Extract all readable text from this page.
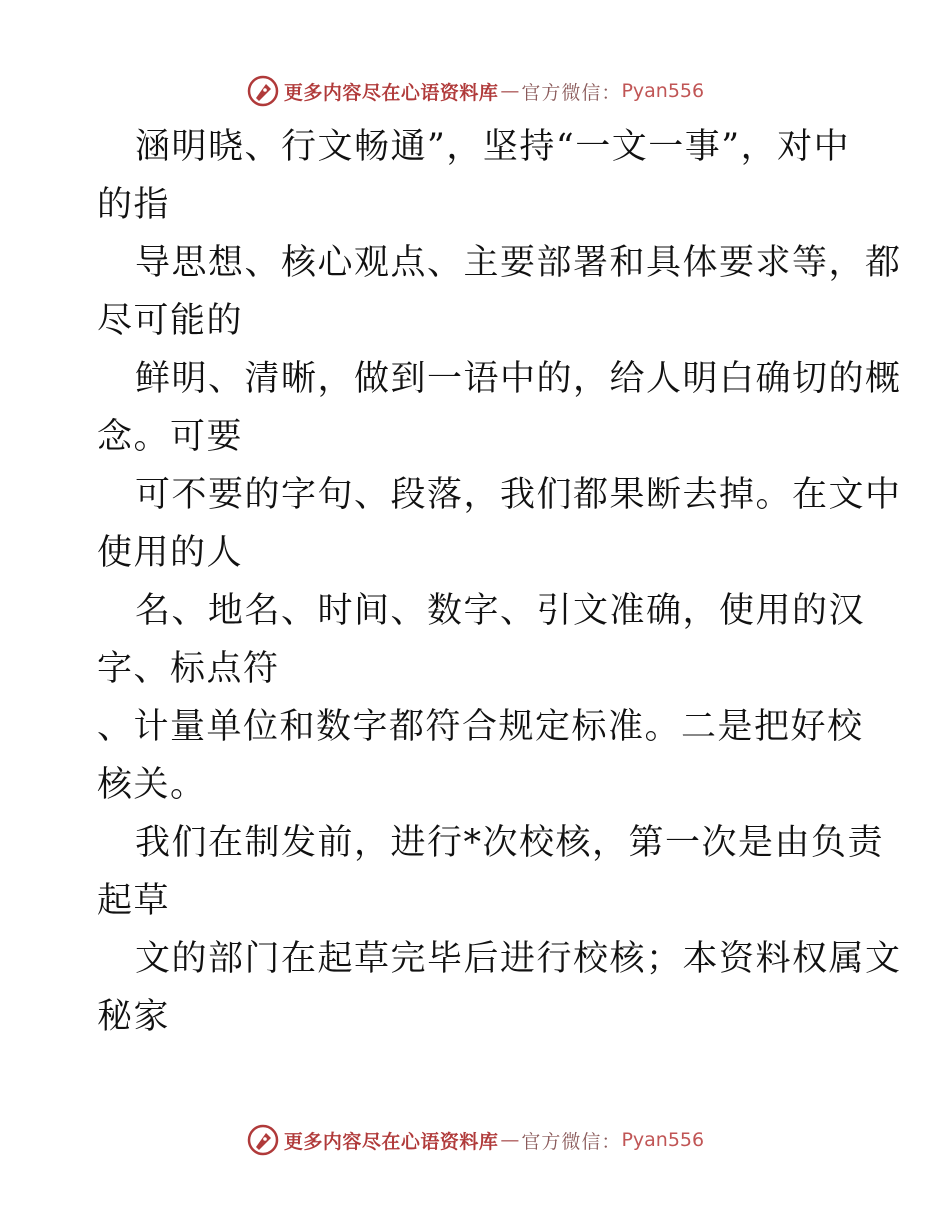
更多内容尽在心语资料库 — 官方微信： Pyan556
涵明晓、行文畅通”，坚持“一文一事”，对中
的指
导思想、核心观点、主要部署和具体要求等，都
尽可能的
鲜明、清晰，做到一语中的，给人明白确切的概
念。可要
可不要的字句、段落，我们都果断去掉。在文中
使用的人
名、地名、时间、数字、引文准确，使用的汉
字、标点符
、计量单位和数字都符合规定标准。二是把好校
核关。
我们在制发前，进行*次校核，第一次是由负责
起草
文的部门在起草完毕后进行校核；本资料权属文
秘家
更多内容尽在心语资料库 — 官方微信： Pyan556
